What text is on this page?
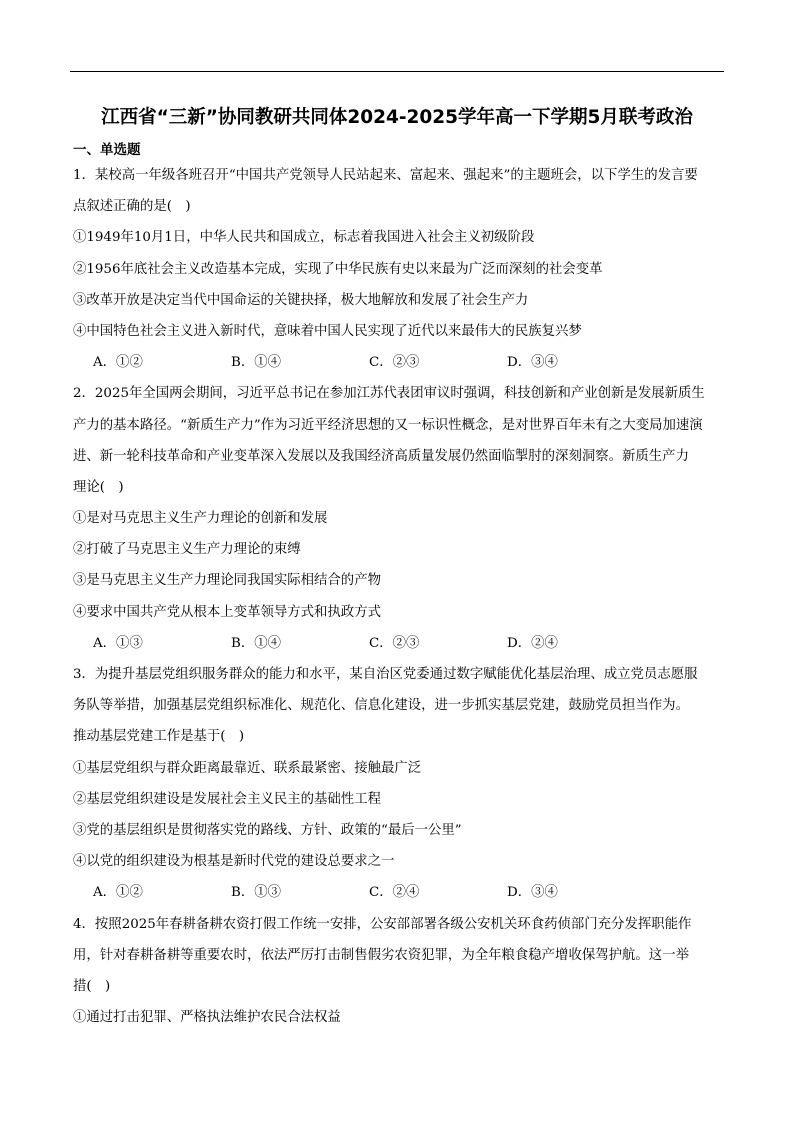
江西省“三新”协同教研共同体2024-2025学年高一下学期5月联考政治
一、单选题
1．某校高一年级各班召开“中国共产党领导人民站起来、富起来、强起来”的主题班会，以下学生的发言要
点叙述正确的是(　)
①1949年10月1日，中华人民共和国成立，标志着我国进入社会主义初级阶段
②1956年底社会主义改造基本完成，实现了中华民族有史以来最为广泛而深刻的社会变革
③改革开放是决定当代中国命运的关键抉择，极大地解放和发展了社会生产力
④中国特色社会主义进入新时代，意味着中国人民实现了近代以来最伟大的民族复兴梦
A．①②	B．①④	C．②③	D．③④
2．2025年全国两会期间，习近平总书记在参加江苏代表团审议时强调，科技创新和产业创新是发展新质生
产力的基本路径。“新质生产力”作为习近平经济思想的又一标识性概念，是对世界百年未有之大变局加速演
进、新一轮科技革命和产业变革深入发展以及我国经济高质量发展仍然面临掣肘的深刻洞察。新质生产力
理论(　)
①是对马克思主义生产力理论的创新和发展
②打破了马克思主义生产力理论的束缚
③是马克思主义生产力理论同我国实际相结合的产物
④要求中国共产党从根本上变革领导方式和执政方式
A．①③	B．①④	C．②③	D．②④
3．为提升基层党组织服务群众的能力和水平，某自治区党委通过数字赋能优化基层治理、成立党员志愿服
务队等举措，加强基层党组织标准化、规范化、信息化建设，进一步抓实基层党建，鼓励党员担当作为。
推动基层党建工作是基于(　)
①基层党组织与群众距离最靠近、联系最紧密、接触最广泛
②基层党组织建设是发展社会主义民主的基础性工程
③党的基层组织是贯彻落实党的路线、方针、政策的“最后一公里”
④以党的组织建设为根基是新时代党的建设总要求之一
A．①②	B．①③	C．②④	D．③④
4．按照2025年春耕备耕农资打假工作统一安排，公安部部署各级公安机关环食药侦部门充分发挥职能作
用，针对春耕备耕等重要农时，依法严厉打击制售假劣农资犯罪，为全年粮食稳产增收保驾护航。这一举
措(　)
①通过打击犯罪、严格执法维护农民合法权益
